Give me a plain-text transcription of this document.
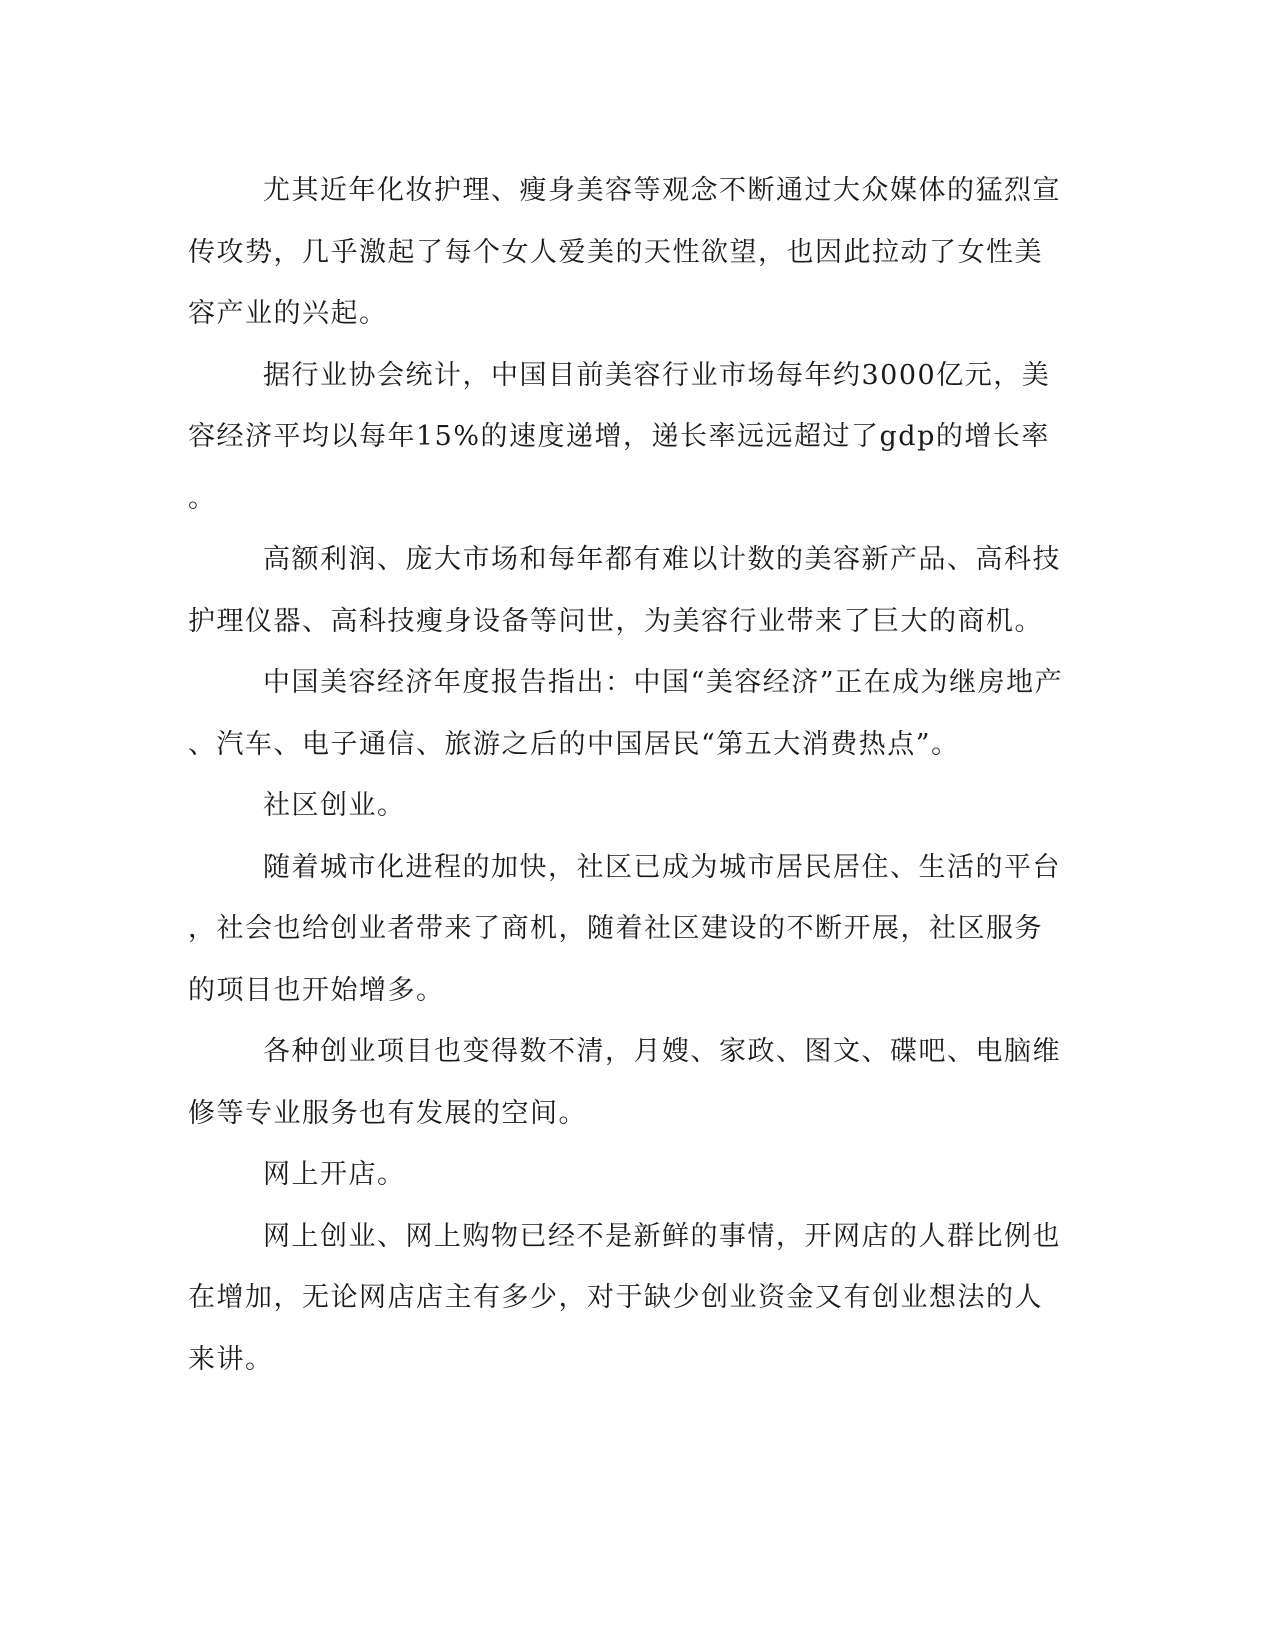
尤其近年化妆护理、瘦身美容等观念不断通过大众媒体的猛烈宣
传攻势，几乎激起了每个女人爱美的天性欲望，也因此拉动了女性美
容产业的兴起。
据行业协会统计，中国目前美容行业市场每年约3000亿元，美
容经济平均以每年15%的速度递增，递长率远远超过了gdp的增长率
。
高额利润、庞大市场和每年都有难以计数的美容新产品、高科技
护理仪器、高科技瘦身设备等问世，为美容行业带来了巨大的商机。
中国美容经济年度报告指出：中国“美容经济”正在成为继房地产
、汽车、电子通信、旅游之后的中国居民“第五大消费热点”。
社区创业。
随着城市化进程的加快，社区已成为城市居民居住、生活的平台
，社会也给创业者带来了商机，随着社区建设的不断开展，社区服务
的项目也开始增多。
各种创业项目也变得数不清，月嫂、家政、图文、碟吧、电脑维
修等专业服务也有发展的空间。
网上开店。
网上创业、网上购物已经不是新鲜的事情，开网店的人群比例也
在增加，无论网店店主有多少，对于缺少创业资金又有创业想法的人
来讲。
